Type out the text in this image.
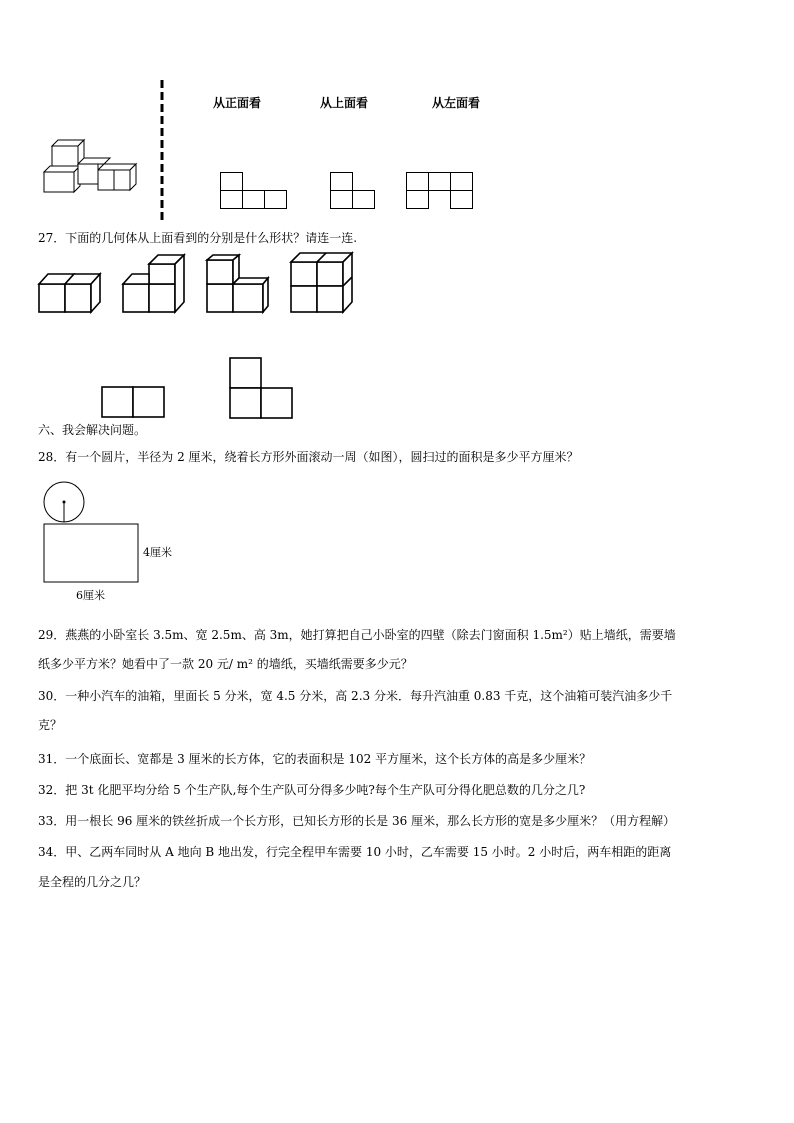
从正面看	从上面看	从左面看
27．下面的几何体从上面看到的分别是什么形状？请连一连.
六、我会解决问题。
28．有一个圆片，半径为 2 厘米，绕着长方形外面滚动一周（如图），圆扫过的面积是多少平方厘米？
4厘米
6厘米
29．燕燕的小卧室长 3.5m、宽 2.5m、高 3m，她打算把自己小卧室的四壁（除去门窗面积 1.5m²）贴上墙纸，需要墙
纸多少平方米？她看中了一款 20 元/ m² 的墙纸，买墙纸需要多少元？
30．一种小汽车的油箱，里面长 5 分米，宽 4.5 分米，高 2.3 分米．每升汽油重 0.83 千克，这个油箱可装汽油多少千
克？
31．一个底面长、宽都是 3 厘米的长方体，它的表面积是 102 平方厘米，这个长方体的高是多少厘米？
32．把 3t 化肥平均分给 5 个生产队,每个生产队可分得多少吨?每个生产队可分得化肥总数的几分之几?
33．用一根长 96 厘米的铁丝折成一个长方形，已知长方形的长是 36 厘米，那么长方形的宽是多少厘米？（用方程解）
34．甲、乙两车同时从 A 地向 B 地出发，行完全程甲车需要 10 小时，乙车需要 15 小时。2 小时后，两车相距的距离
是全程的几分之几？
